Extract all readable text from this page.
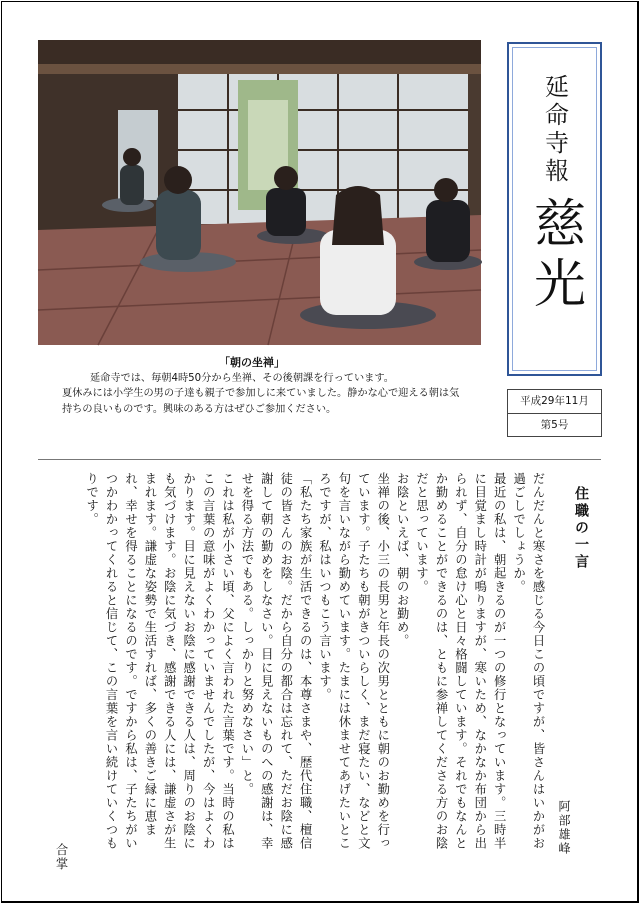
延命寺報
慈光
平成29年11月
第5号
「朝の坐禅」

延命寺では、毎朝4時50分から坐禅、その後朝課を行っています。

夏休みには小学生の男の子達も親子で参加しに来ていました。静かな心で迎える朝は気

持ちの良いものです。興味のある方はぜひご参加ください。

住職の一言
阿部雄峰

だんだんと寒さを感じる今日この頃ですが、皆さんはいかがお過ごしでしょうか。

最近の私は、朝起きるのが一つの修行となっています。三時半に目覚まし時計が鳴りますが、寒いため、なかなか布団から出られず、自分の怠け心と日々格闘しています。それでもなんとか勤めることができるのは、ともに参禅してくださる方のお陰だと思っています。

お陰といえば、朝のお勤め。

坐禅の後、小三の長男と年長の次男とともに朝のお勤めを行っています。子たちも朝がきついらしく、まだ寝たい、などと文句を言いながら勤めています。たまには休ませてあげたいところですが、私はいつもこう言います。

「私たち家族が生活できるのは、本尊さまや、歴代住職、檀信徒の皆さんのお陰。だから自分の都合は忘れて、ただお陰に感謝して朝の勤めをしなさい。目に見えないものへの感謝は、幸せを得る方法でもある。しっかりと努めなさい」と。

これは私が小さい頃、父によく言われた言葉です。当時の私はこの言葉の意味がよくわかっていませんでしたが、今はよくわかります。目に見えないお陰に感謝できる人は、周りのお陰にも気づけます。お陰に気づき、感謝できる人には、謙虚さが生まれます。謙虚な姿勢で生活すれば、多くの善きご縁に恵まれ、幸せを得ることになるのです。ですから私は、子たちがいつかわかってくれると信じて、この言葉を言い続けていくつもりです。

合掌
